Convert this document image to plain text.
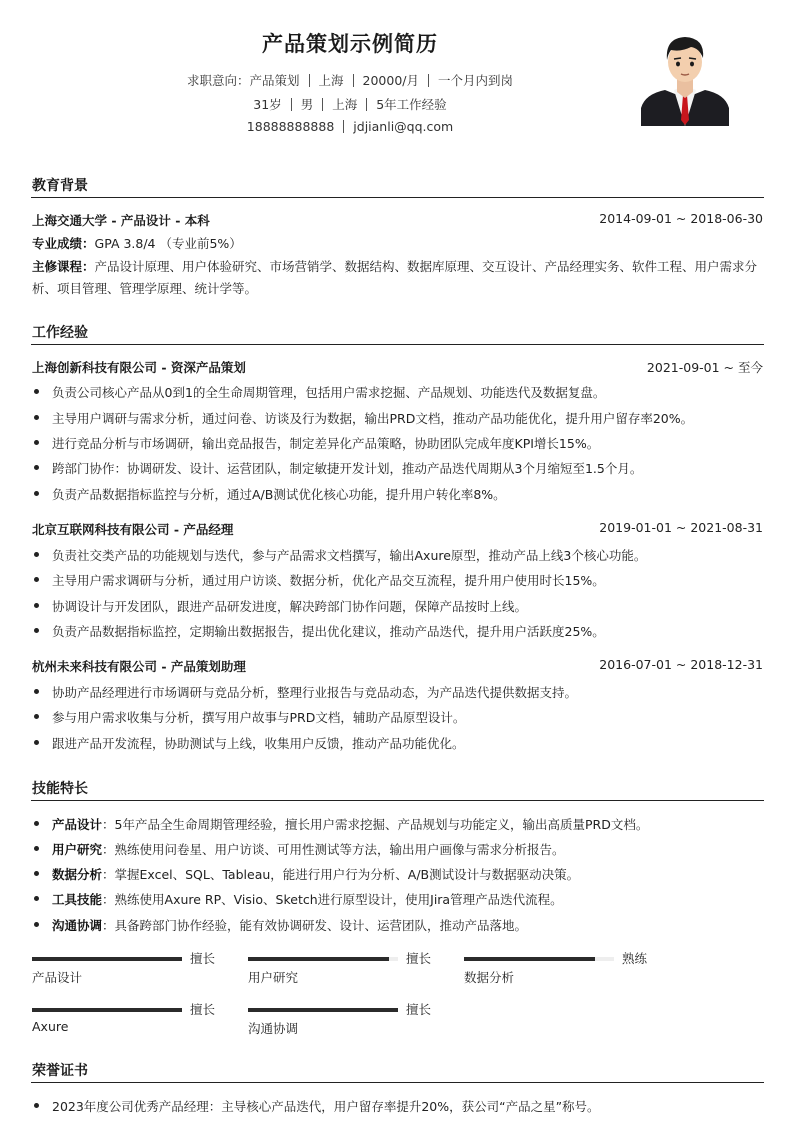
产品策划示例简历
求职意向：产品策划 上海 20000/月 一个月内到岗
31岁 男 上海 5年工作经验
18888888888 jdjianli@qq.com
教育背景
上海交通大学 - 产品设计 - 本科	2014-09-01 ~ 2018-06-30
专业成绩：GPA 3.8/4 （专业前5%）
主修课程：产品设计原理、用户体验研究、市场营销学、数据结构、数据库原理、交互设计、产品经理实务、软件工程、用户需求分析、项目管理、管理学原理、统计学等。
工作经验
上海创新科技有限公司 - 资深产品策划	2021-09-01 ~ 至今
负责公司核心产品从0到1的全生命周期管理，包括用户需求挖掘、产品规划、功能迭代及数据复盘。
主导用户调研与需求分析，通过问卷、访谈及行为数据，输出PRD文档，推动产品功能优化，提升用户留存率20%。
进行竞品分析与市场调研，输出竞品报告，制定差异化产品策略，协助团队完成年度KPI增长15%。
跨部门协作：协调研发、设计、运营团队，制定敏捷开发计划，推动产品迭代周期从3个月缩短至1.5个月。
负责产品数据指标监控与分析，通过A/B测试优化核心功能，提升用户转化率8%。
北京互联网科技有限公司 - 产品经理	2019-01-01 ~ 2021-08-31
负责社交类产品的功能规划与迭代，参与产品需求文档撰写，输出Axure原型，推动产品上线3个核心功能。
主导用户需求调研与分析，通过用户访谈、数据分析，优化产品交互流程，提升用户使用时长15%。
协调设计与开发团队，跟进产品研发进度，解决跨部门协作问题，保障产品按时上线。
负责产品数据指标监控，定期输出数据报告，提出优化建议，推动产品迭代，提升用户活跃度25%。
杭州未来科技有限公司 - 产品策划助理	2016-07-01 ~ 2018-12-31
协助产品经理进行市场调研与竞品分析，整理行业报告与竞品动态，为产品迭代提供数据支持。
参与用户需求收集与分析，撰写用户故事与PRD文档，辅助产品原型设计。
跟进产品开发流程，协助测试与上线，收集用户反馈，推动产品功能优化。
技能特长
产品设计：5年产品全生命周期管理经验，擅长用户需求挖掘、产品规划与功能定义，输出高质量PRD文档。
用户研究：熟练使用问卷星、用户访谈、可用性测试等方法，输出用户画像与需求分析报告。
数据分析：掌握Excel、SQL、Tableau，能进行用户行为分析、A/B测试设计与数据驱动决策。
工具技能：熟练使用Axure RP、Visio、Sketch进行原型设计，使用Jira管理产品迭代流程。
沟通协调：具备跨部门协作经验，能有效协调研发、设计、运营团队，推动产品落地。
擅长
产品设计
擅长
用户研究
熟练
数据分析
擅长
Axure
擅长
沟通协调
荣誉证书
2023年度公司优秀产品经理：主导核心产品迭代，用户留存率提升20%，获公司“产品之星”称号。
